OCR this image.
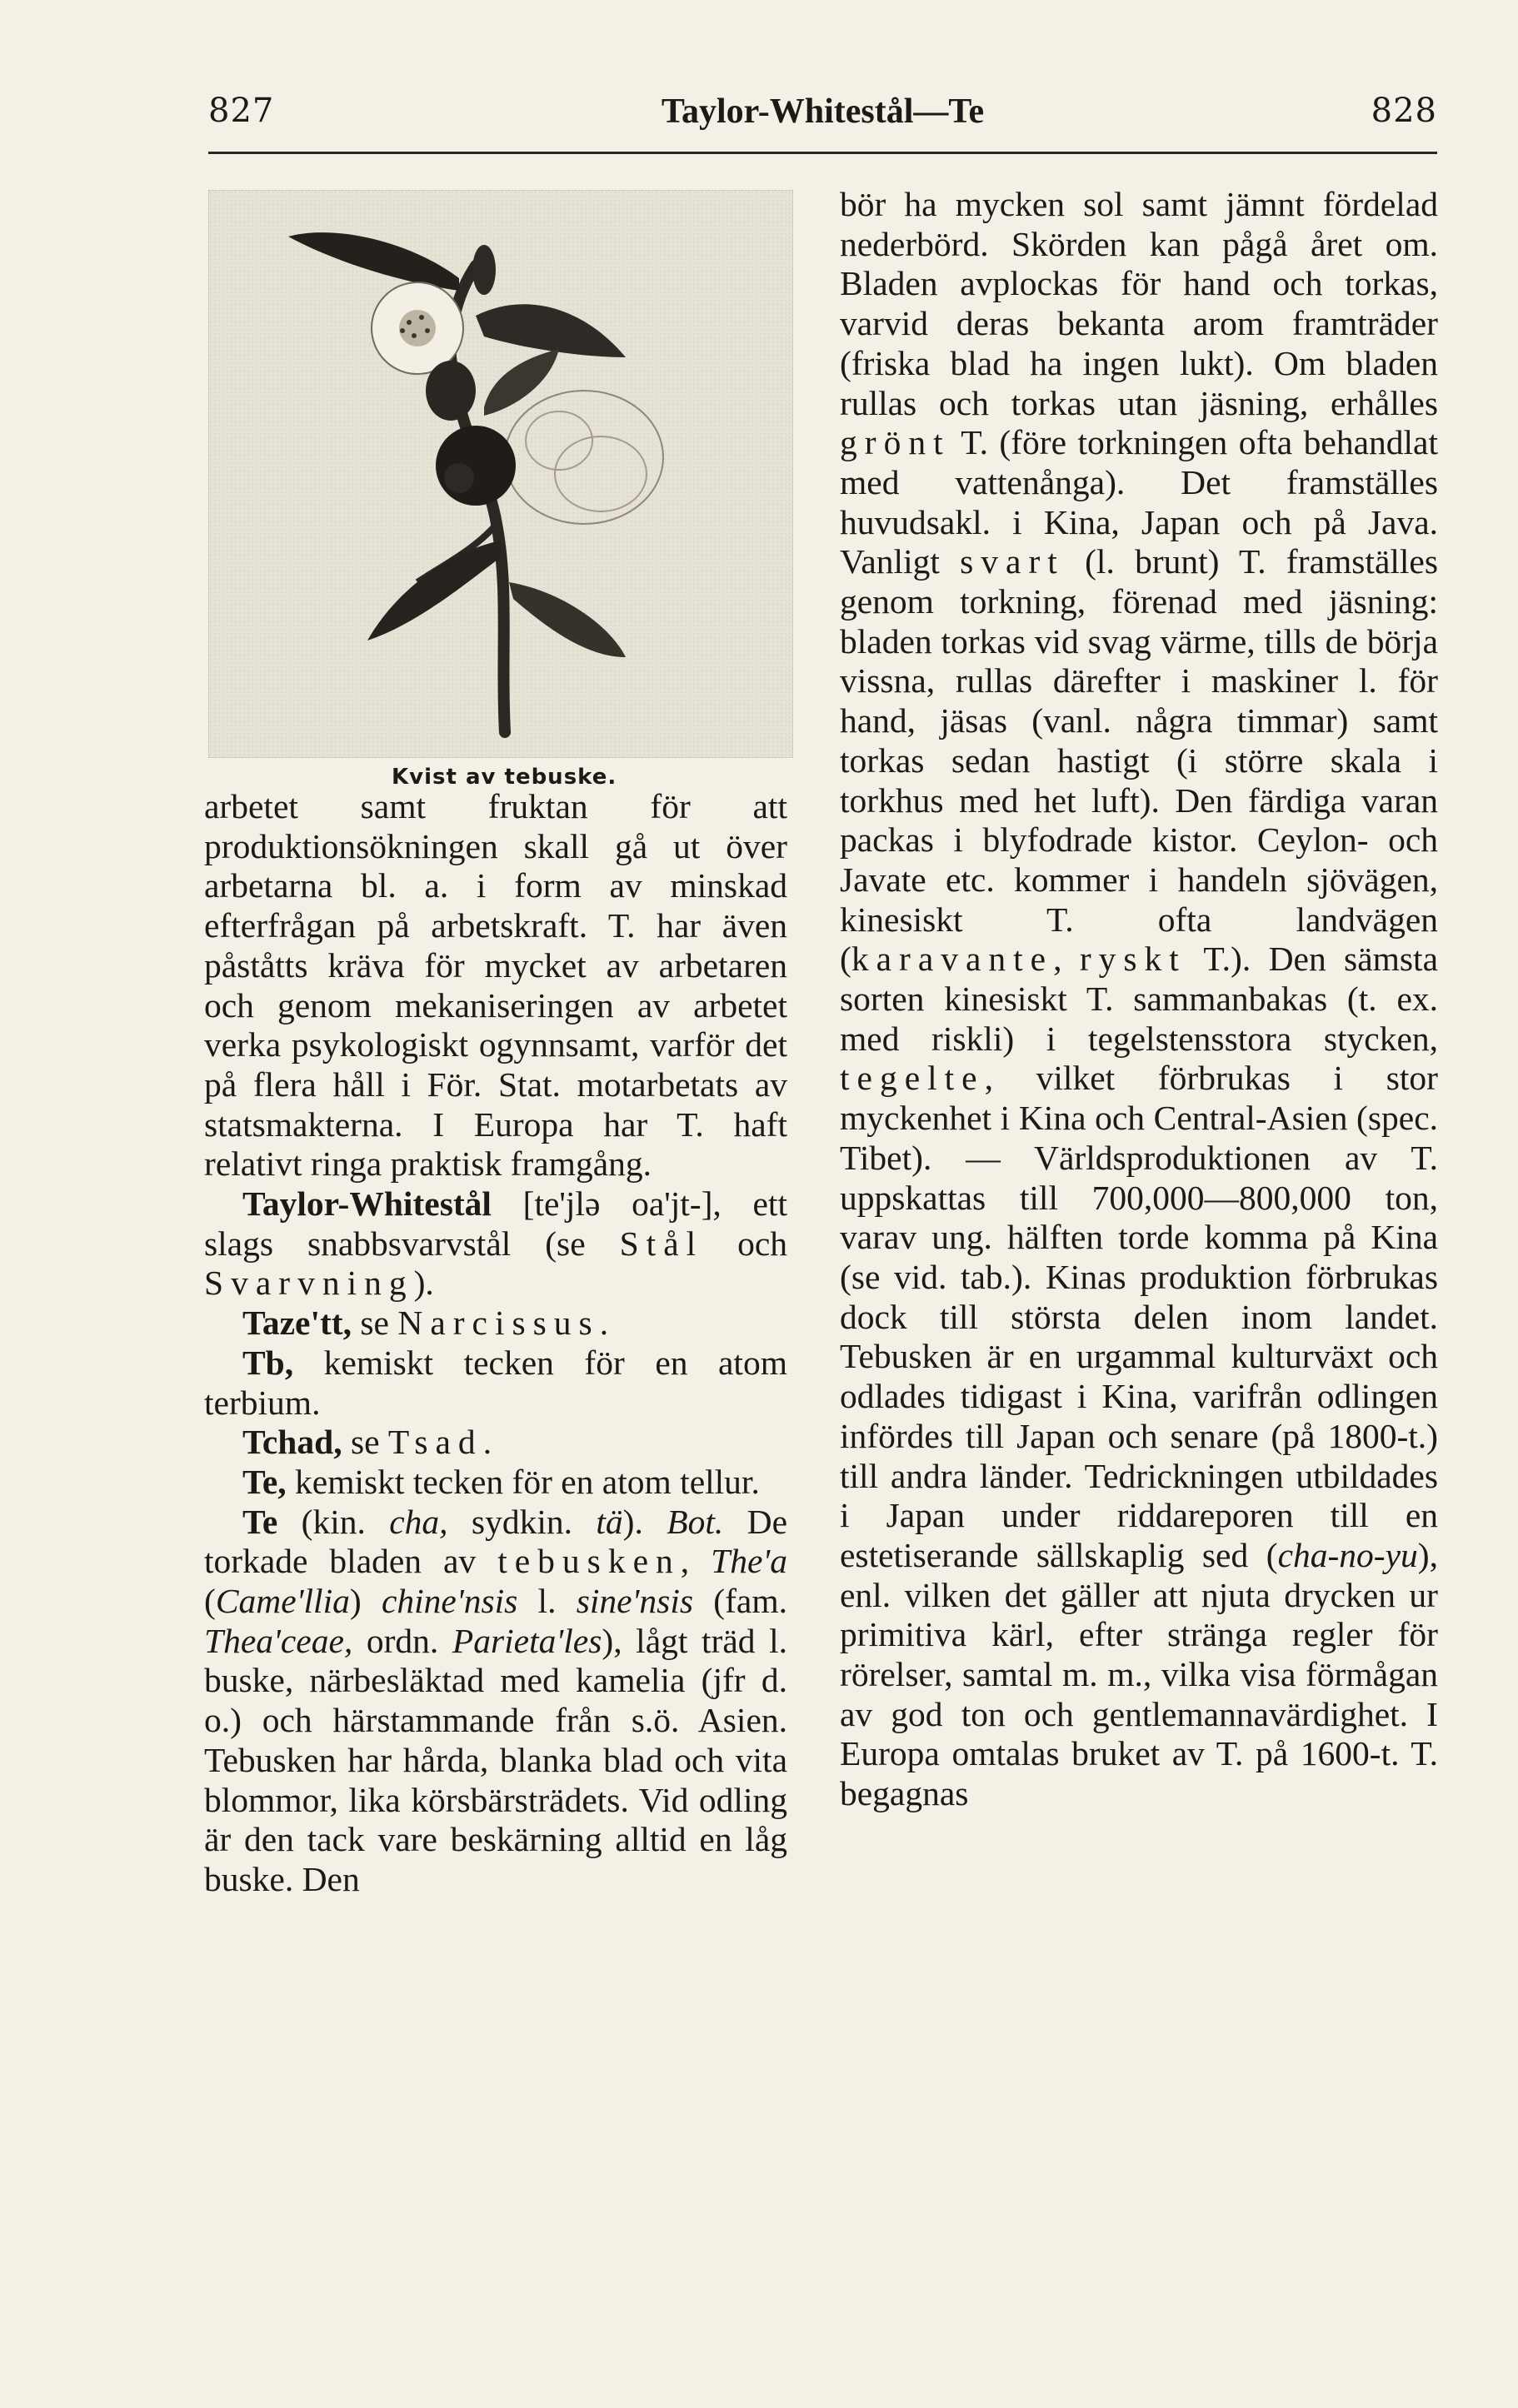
827	Taylor-Whitestål—Te	828
Kvist av tebuske.

arbetet samt fruktan för att produktionsökningen skall gå ut över arbetarna bl. a. i form av minskad efterfrågan på arbetskraft. T. har även påståtts kräva för mycket av arbetaren och genom mekaniseringen av arbetet verka psykologiskt ogynnsamt, varför det på flera håll i För. Stat. motarbetats av statsmakterna. I Europa har T. haft relativt ringa praktisk framgång.

Taylor-Whitestål [te'jlə oa'jt-], ett slags snabbsvarvstål (se Stål och Svarvning).

Taze'tt, se Narcissus.

Tb, kemiskt tecken för en atom terbium.

Tchad, se Tsad.

Te, kemiskt tecken för en atom tellur.

Te (kin. cha, sydkin. tä). Bot. De torkade bladen av tebusken, The'a (Came'llia) chine'nsis l. sine'nsis (fam. Thea'ceae, ordn. Parieta'les), lågt träd l. buske, närbesläktad med kamelia (jfr d. o.) och härstammande från s.ö. Asien. Tebusken har hårda, blanka blad och vita blommor, lika körsbärsträdets. Vid odling är den tack vare beskärning alltid en låg buske. Den

bör ha mycken sol samt jämnt fördelad nederbörd. Skörden kan pågå året om. Bladen avplockas för hand och torkas, varvid deras bekanta arom framträder (friska blad ha ingen lukt). Om bladen rullas och torkas utan jäsning, erhålles grönt T. (före torkningen ofta behandlat med vattenånga). Det framställes huvudsakl. i Kina, Japan och på Java. Vanligt svart (l. brunt) T. framställes genom torkning, förenad med jäsning: bladen torkas vid svag värme, tills de börja vissna, rullas därefter i maskiner l. för hand, jäsas (vanl. några timmar) samt torkas sedan hastigt (i större skala i torkhus med het luft). Den färdiga varan packas i blyfodrade kistor. Ceylon- och Javate etc. kommer i handeln sjövägen, kinesiskt T. ofta landvägen (karavante, ryskt T.). Den sämsta sorten kinesiskt T. sammanbakas (t. ex. med riskli) i tegelstensstora stycken, tegelte, vilket förbrukas i stor myckenhet i Kina och Central-Asien (spec. Tibet). — Världsproduktionen av T. uppskattas till 700,000—800,000 ton, varav ung. hälften torde komma på Kina (se vid. tab.). Kinas produktion förbrukas dock till största delen inom landet. Tebusken är en urgammal kulturväxt och odlades tidigast i Kina, varifrån odlingen infördes till Japan och senare (på 1800-t.) till andra länder. Tedrickningen utbildades i Japan under riddareporen till en estetiserande sällskaplig sed (cha-no-yu), enl. vilken det gäller att njuta drycken ur primitiva kärl, efter stränga regler för rörelser, samtal m. m., vilka visa förmågan av god ton och gentlemannavärdighet. I Europa omtalas bruket av T. på 1600-t. T. begagnas
